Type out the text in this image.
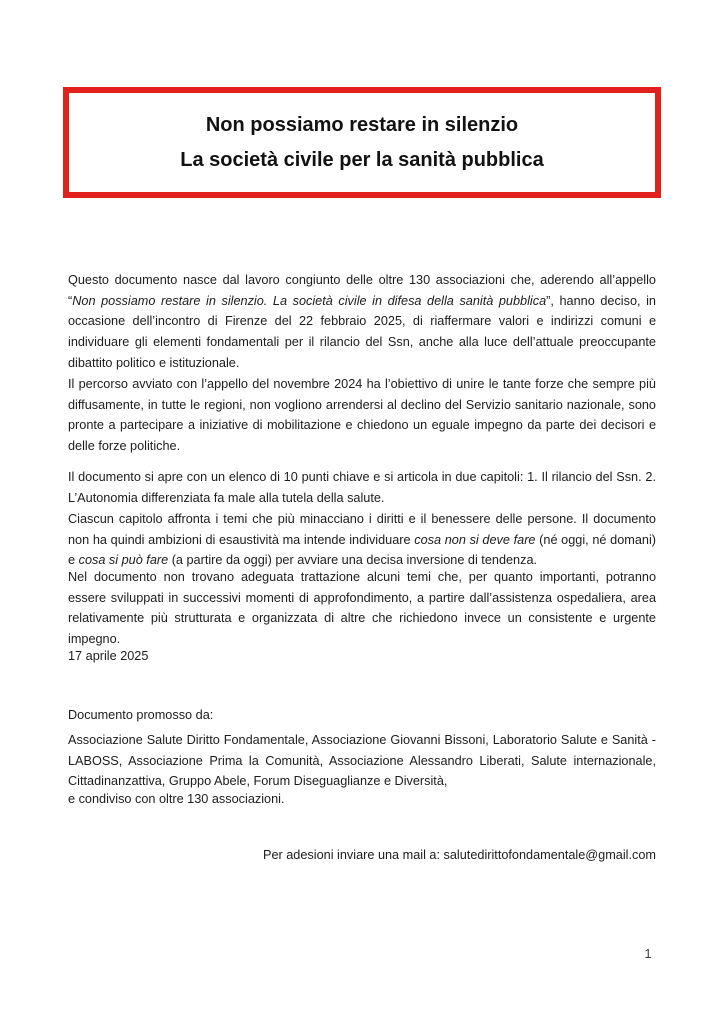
Non possiamo restare in silenzio
La società civile per la sanità pubblica

Questo documento nasce dal lavoro congiunto delle oltre 130 associazioni che, aderendo all’appello “Non possiamo restare in silenzio. La società civile in difesa della sanità pubblica”, hanno deciso, in occasione dell’incontro di Firenze del 22 febbraio 2025, di riaffermare valori e indirizzi comuni e individuare gli elementi fondamentali per il rilancio del Ssn, anche alla luce dell’attuale preoccupante dibattito politico e istituzionale.

Il percorso avviato con l’appello del novembre 2024 ha l’obiettivo di unire le tante forze che sempre più diffusamente, in tutte le regioni, non vogliono arrendersi al declino del Servizio sanitario nazionale, sono pronte a partecipare a iniziative di mobilitazione e chiedono un eguale impegno da parte dei decisori e delle forze politiche.

Il documento si apre con un elenco di 10 punti chiave e si articola in due capitoli: 1. Il rilancio del Ssn. 2. L’Autonomia differenziata fa male alla tutela della salute.

Ciascun capitolo affronta i temi che più minacciano i diritti e il benessere delle persone. Il documento non ha quindi ambizioni di esaustività ma intende individuare cosa non si deve fare (né oggi, né domani) e cosa si può fare (a partire da oggi) per avviare una decisa inversione di tendenza.

Nel documento non trovano adeguata trattazione alcuni temi che, per quanto importanti, potranno essere sviluppati in successivi momenti di approfondimento, a partire dall’assistenza ospedaliera, area relativamente più strutturata e organizzata di altre che richiedono invece un consistente e urgente impegno.

17 aprile 2025

Documento promosso da:

Associazione Salute Diritto Fondamentale, Associazione Giovanni Bissoni, Laboratorio Salute e Sanità - LABOSS, Associazione Prima la Comunità, Associazione Alessandro Liberati, Salute internazionale, Cittadinanzattiva, Gruppo Abele, Forum Diseguaglianze e Diversità,

e condiviso con oltre 130 associazioni.

Per adesioni inviare una mail a: salutedirittofondamentale@gmail.com

1
